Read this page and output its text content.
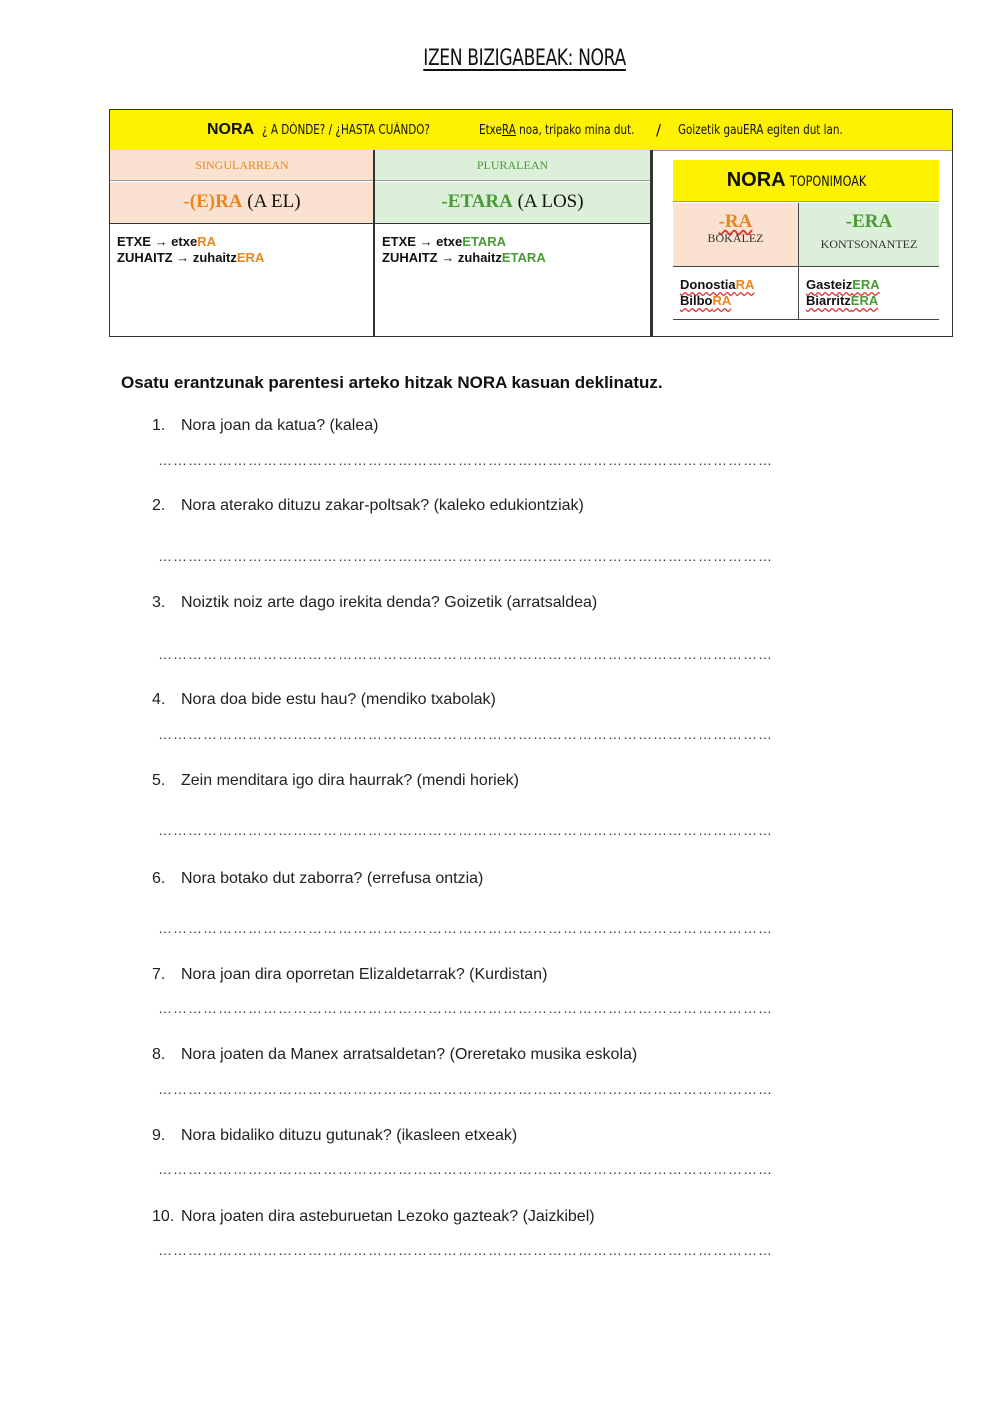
IZEN BIZIGABEAK: NORA
NORA ¿ A DÓNDE? / ¿HASTA CUÁNDO?	EtxeRA noa, tripako mina dut.	/ Goizetik gauERA egiten dut lan.
SINGULARREAN
-(E)RA (A EL)
ETXE → etxeRA
ZUHAITZ → zuhaitzERA
PLURALEAN
-ETARA (A LOS)
ETXE → etxeETARA
ZUHAITZ → zuhaitzETARA
NORA TOPONIMOAK
-RA
BOKALEZ
-ERA
KONTSONANTEZ
DonostiaRA
BilboRA
GasteizERA
BiarritzERA
Osatu erantzunak parentesi arteko hitzak NORA kasuan deklinatuz.
1. Nora joan da katua? (kalea)
……………………………………………………………………………………………………………
2. Nora aterako dituzu zakar-poltsak? (kaleko edukiontziak)
……………………………………………………………………………………………………………
3. Noiztik noiz arte dago irekita denda? Goizetik (arratsaldea)
……………………………………………………………………………………………………………
4. Nora doa bide estu hau? (mendiko txabolak)
……………………………………………………………………………………………………………
5. Zein menditara igo dira haurrak? (mendi horiek)
……………………………………………………………………………………………………………
6. Nora botako dut zaborra? (errefusa ontzia)
……………………………………………………………………………………………………………
7. Nora joan dira oporretan Elizaldetarrak? (Kurdistan)
……………………………………………………………………………………………………………
8. Nora joaten da Manex arratsaldetan? (Oreretako musika eskola)
……………………………………………………………………………………………………………
9. Nora bidaliko dituzu gutunak? (ikasleen etxeak)
……………………………………………………………………………………………………………
10. Nora joaten dira asteburuetan Lezoko gazteak? (Jaizkibel)
……………………………………………………………………………………………………………
